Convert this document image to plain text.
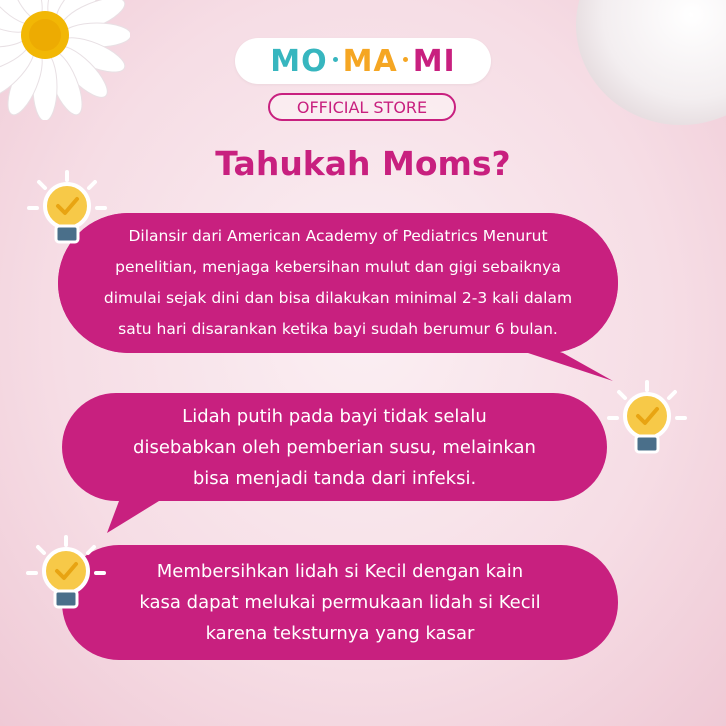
MO MA MI
OFFICIAL STORE
Tahukah Moms?
Dilansir dari American Academy of Pediatrics Menurut
penelitian, menjaga kebersihan mulut dan gigi sebaiknya
dimulai sejak dini dan bisa dilakukan minimal 2-3 kali dalam
satu hari disarankan ketika bayi sudah berumur 6 bulan.
Lidah putih pada bayi tidak selalu
disebabkan oleh pemberian susu, melainkan
bisa menjadi tanda dari infeksi.
Membersihkan lidah si Kecil dengan kain
kasa dapat melukai permukaan lidah si Kecil
karena teksturnya yang kasar
